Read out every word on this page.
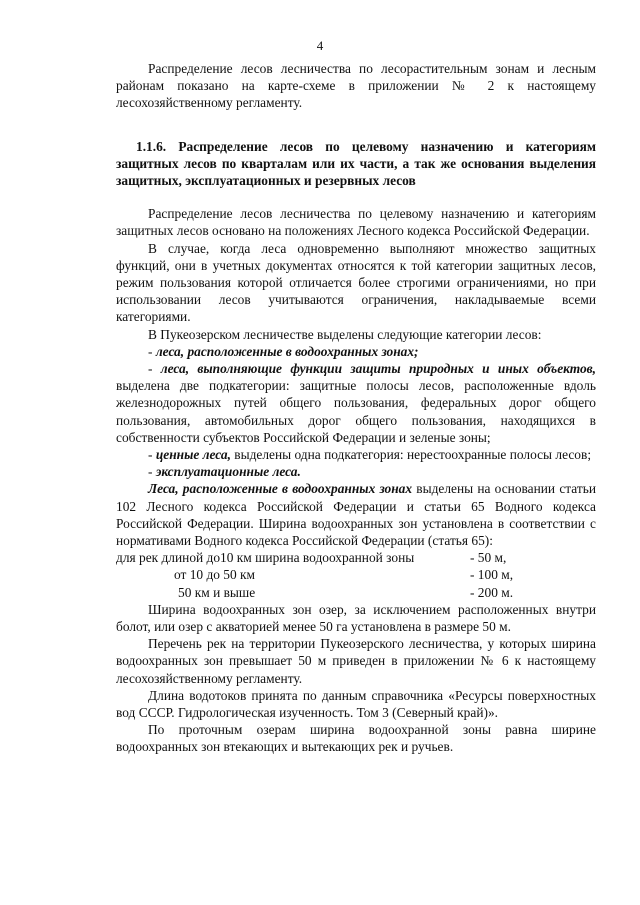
4

Распределение лесов лесничества по лесорастительным зонам и лесным районам показано на карте-схеме в приложении № 2 к настоящему лесохозяйственному регламенту.

1.1.6. Распределение лесов по целевому назначению и категориям защитных лесов по кварталам или их части, а так же основания выделения защитных, эксплуатационных и резервных лесов

Распределение лесов лесничества по целевому назначению и категориям защитных лесов основано на положениях Лесного кодекса Российской Федерации.

В случае, когда леса одновременно выполняют множество защитных функций, они в учетных документах относятся к той категории защитных лесов, режим пользования которой отличается более строгими ограничениями, но при использовании лесов учитываются ограничения, накладываемые всеми категориями.

В Пукеозерском лесничестве выделены следующие категории лесов:

- леса, расположенные в водоохранных зонах;

- леса, выполняющие функции защиты природных и иных объектов, выделена две подкатегории: защитные полосы лесов, расположенные вдоль железнодорожных путей общего пользования, федеральных дорог общего пользования, автомобильных дорог общего пользования, находящихся в собственности субъектов Российской Федерации и зеленые зоны;

- ценные леса, выделены одна подкатегория: нерестоохранные полосы лесов;

- эксплуатационные леса.

Леса, расположенные в водоохранных зонах выделены на основании статьи 102 Лесного кодекса Российской Федерации и статьи 65 Водного кодекса Российской Федерации. Ширина водоохранных зон установлена в соответствии с нормативами Водного кодекса Российской Федерации (статья 65):

для рек длиной до10 км ширина водоохранной зоны	- 50 м,
от 10 до 50 км	- 100 м,
50 км и выше	- 200 м.

Ширина водоохранных зон озер, за исключением расположенных внутри болот, или озер с акваторией менее 50 га установлена в размере 50 м.

Перечень рек на территории Пукеозерского лесничества, у которых ширина водоохранных зон превышает 50 м приведен в приложении № 6 к настоящему лесохозяйственному регламенту.

Длина водотоков принята по данным справочника «Ресурсы поверхностных вод СССР. Гидрологическая изученность. Том 3 (Северный край)».

По проточным озерам ширина водоохранной зоны равна ширине водоохранных зон втекающих и вытекающих рек и ручьев.
